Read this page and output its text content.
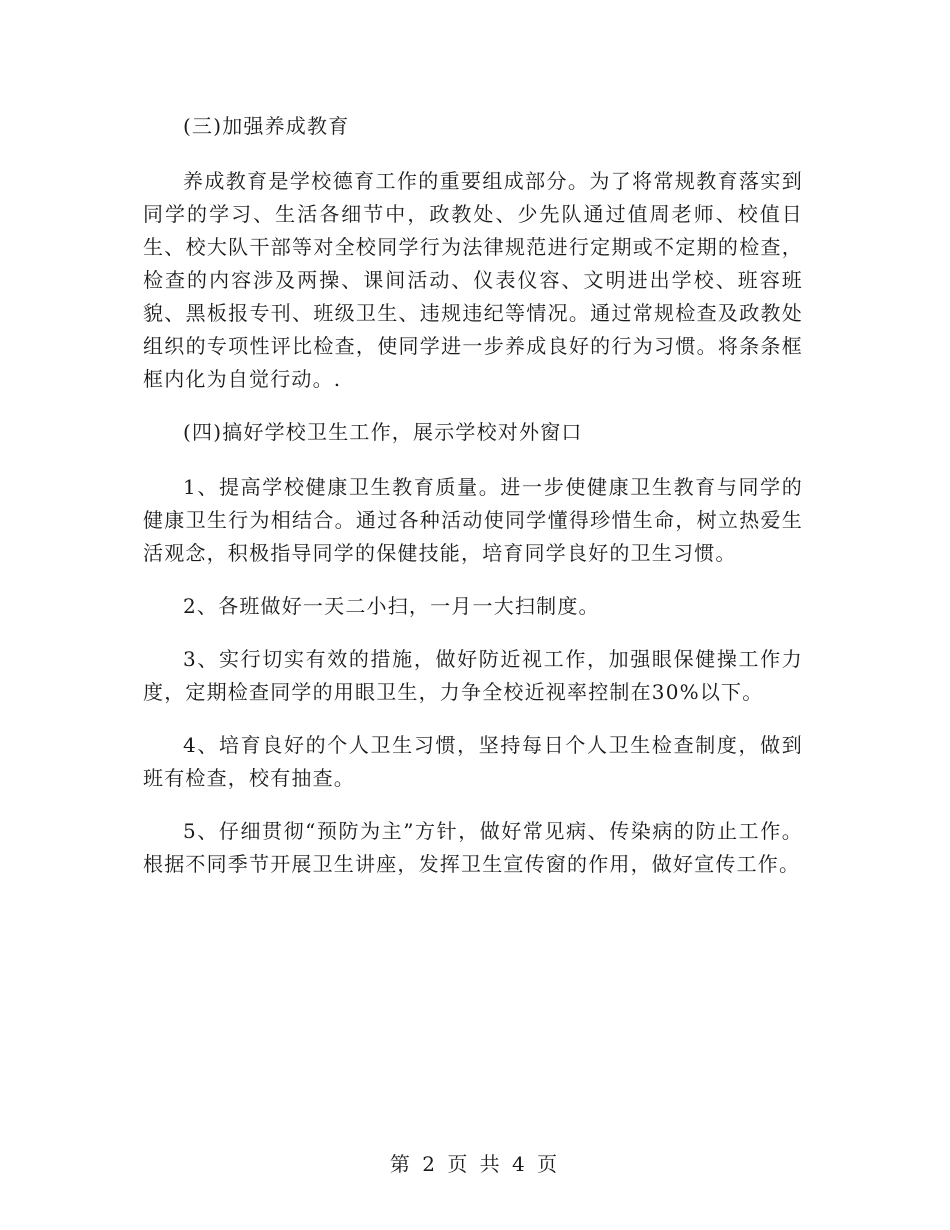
(三)加强养成教育

养成教育是学校德育工作的重要组成部分。为了将常规教育落实到同学的学习、生活各细节中，政教处、少先队通过值周老师、校值日生、校大队干部等对全校同学行为法律规范进行定期或不定期的检查，检查的内容涉及两操、课间活动、仪表仪容、文明进出学校、班容班貌、黑板报专刊、班级卫生、违规违纪等情况。通过常规检查及政教处组织的专项性评比检查，使同学进一步养成良好的行为习惯。将条条框框内化为自觉行动。.

(四)搞好学校卫生工作，展示学校对外窗口

1、提高学校健康卫生教育质量。进一步使健康卫生教育与同学的健康卫生行为相结合。通过各种活动使同学懂得珍惜生命，树立热爱生活观念，积极指导同学的保健技能，培育同学良好的卫生习惯。

2、各班做好一天二小扫，一月一大扫制度。

3、实行切实有效的措施，做好防近视工作，加强眼保健操工作力度，定期检查同学的用眼卫生，力争全校近视率控制在30%以下。

4、培育良好的个人卫生习惯，坚持每日个人卫生检查制度，做到班有检查，校有抽查。

5、仔细贯彻“预防为主”方针，做好常见病、传染病的防止工作。根据不同季节开展卫生讲座，发挥卫生宣传窗的作用，做好宣传工作。

第 2 页 共 4 页
